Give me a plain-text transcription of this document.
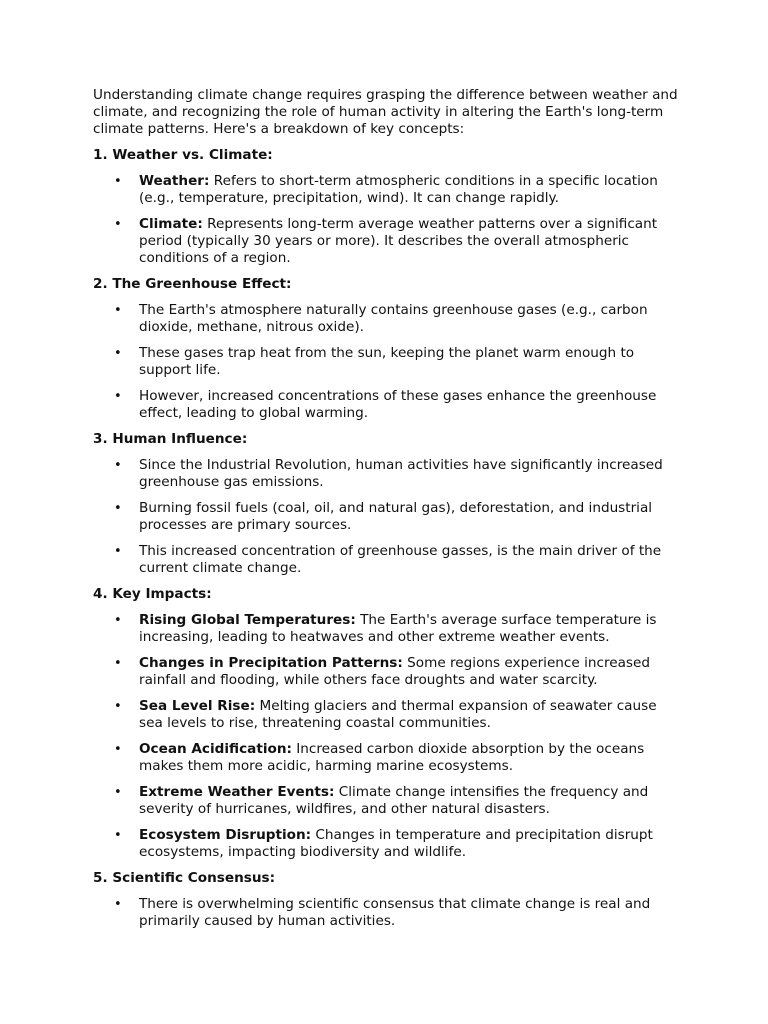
Understanding climate change requires grasping the difference between weather and climate, and recognizing the role of human activity in altering the Earth's long-term climate patterns. Here's a breakdown of key concepts:

1. Weather vs. Climate:
• Weather: Refers to short-term atmospheric conditions in a specific location (e.g., temperature, precipitation, wind). It can change rapidly.
• Climate: Represents long-term average weather patterns over a significant period (typically 30 years or more). It describes the overall atmospheric conditions of a region.
2. The Greenhouse Effect:
• The Earth's atmosphere naturally contains greenhouse gases (e.g., carbon dioxide, methane, nitrous oxide).
• These gases trap heat from the sun, keeping the planet warm enough to support life.
• However, increased concentrations of these gases enhance the greenhouse effect, leading to global warming.
3. Human Influence:
• Since the Industrial Revolution, human activities have significantly increased greenhouse gas emissions.
• Burning fossil fuels (coal, oil, and natural gas), deforestation, and industrial processes are primary sources.
• This increased concentration of greenhouse gasses, is the main driver of the current climate change.
4. Key Impacts:
• Rising Global Temperatures: The Earth's average surface temperature is increasing, leading to heatwaves and other extreme weather events.
• Changes in Precipitation Patterns: Some regions experience increased rainfall and flooding, while others face droughts and water scarcity.
• Sea Level Rise: Melting glaciers and thermal expansion of seawater cause sea levels to rise, threatening coastal communities.
• Ocean Acidification: Increased carbon dioxide absorption by the oceans makes them more acidic, harming marine ecosystems.
• Extreme Weather Events: Climate change intensifies the frequency and severity of hurricanes, wildfires, and other natural disasters.
• Ecosystem Disruption: Changes in temperature and precipitation disrupt ecosystems, impacting biodiversity and wildlife.
5. Scientific Consensus:
• There is overwhelming scientific consensus that climate change is real and primarily caused by human activities.
